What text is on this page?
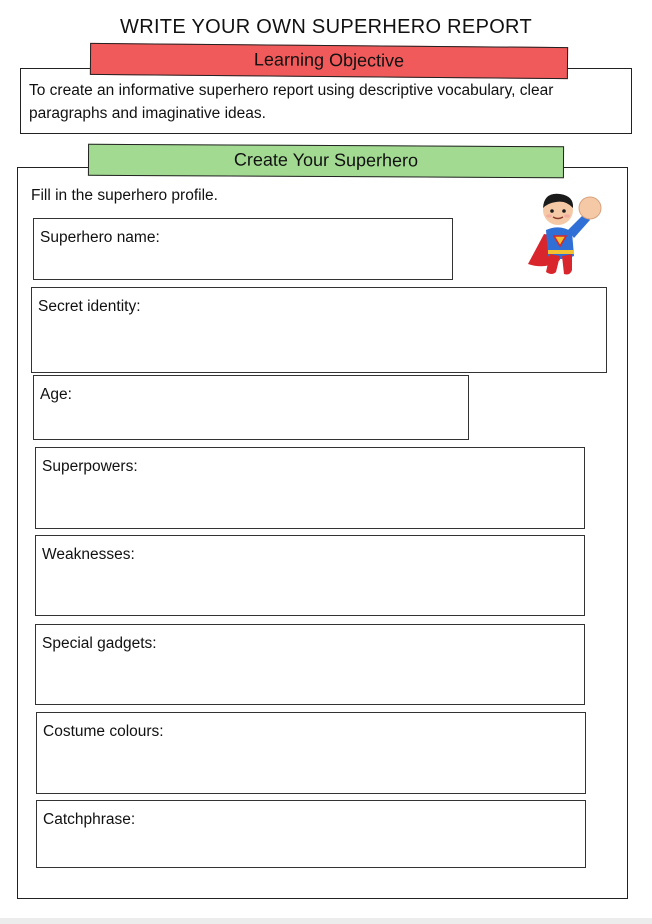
WRITE YOUR OWN SUPERHERO REPORT
To create an informative superhero report using descriptive vocabulary, clear paragraphs and imaginative ideas.
Learning Objective
Create Your Superhero
Fill in the superhero profile.
Superhero name:
Secret identity:
Age:
Superpowers:
Weaknesses:
Special gadgets:
Costume colours:
Catchphrase:
